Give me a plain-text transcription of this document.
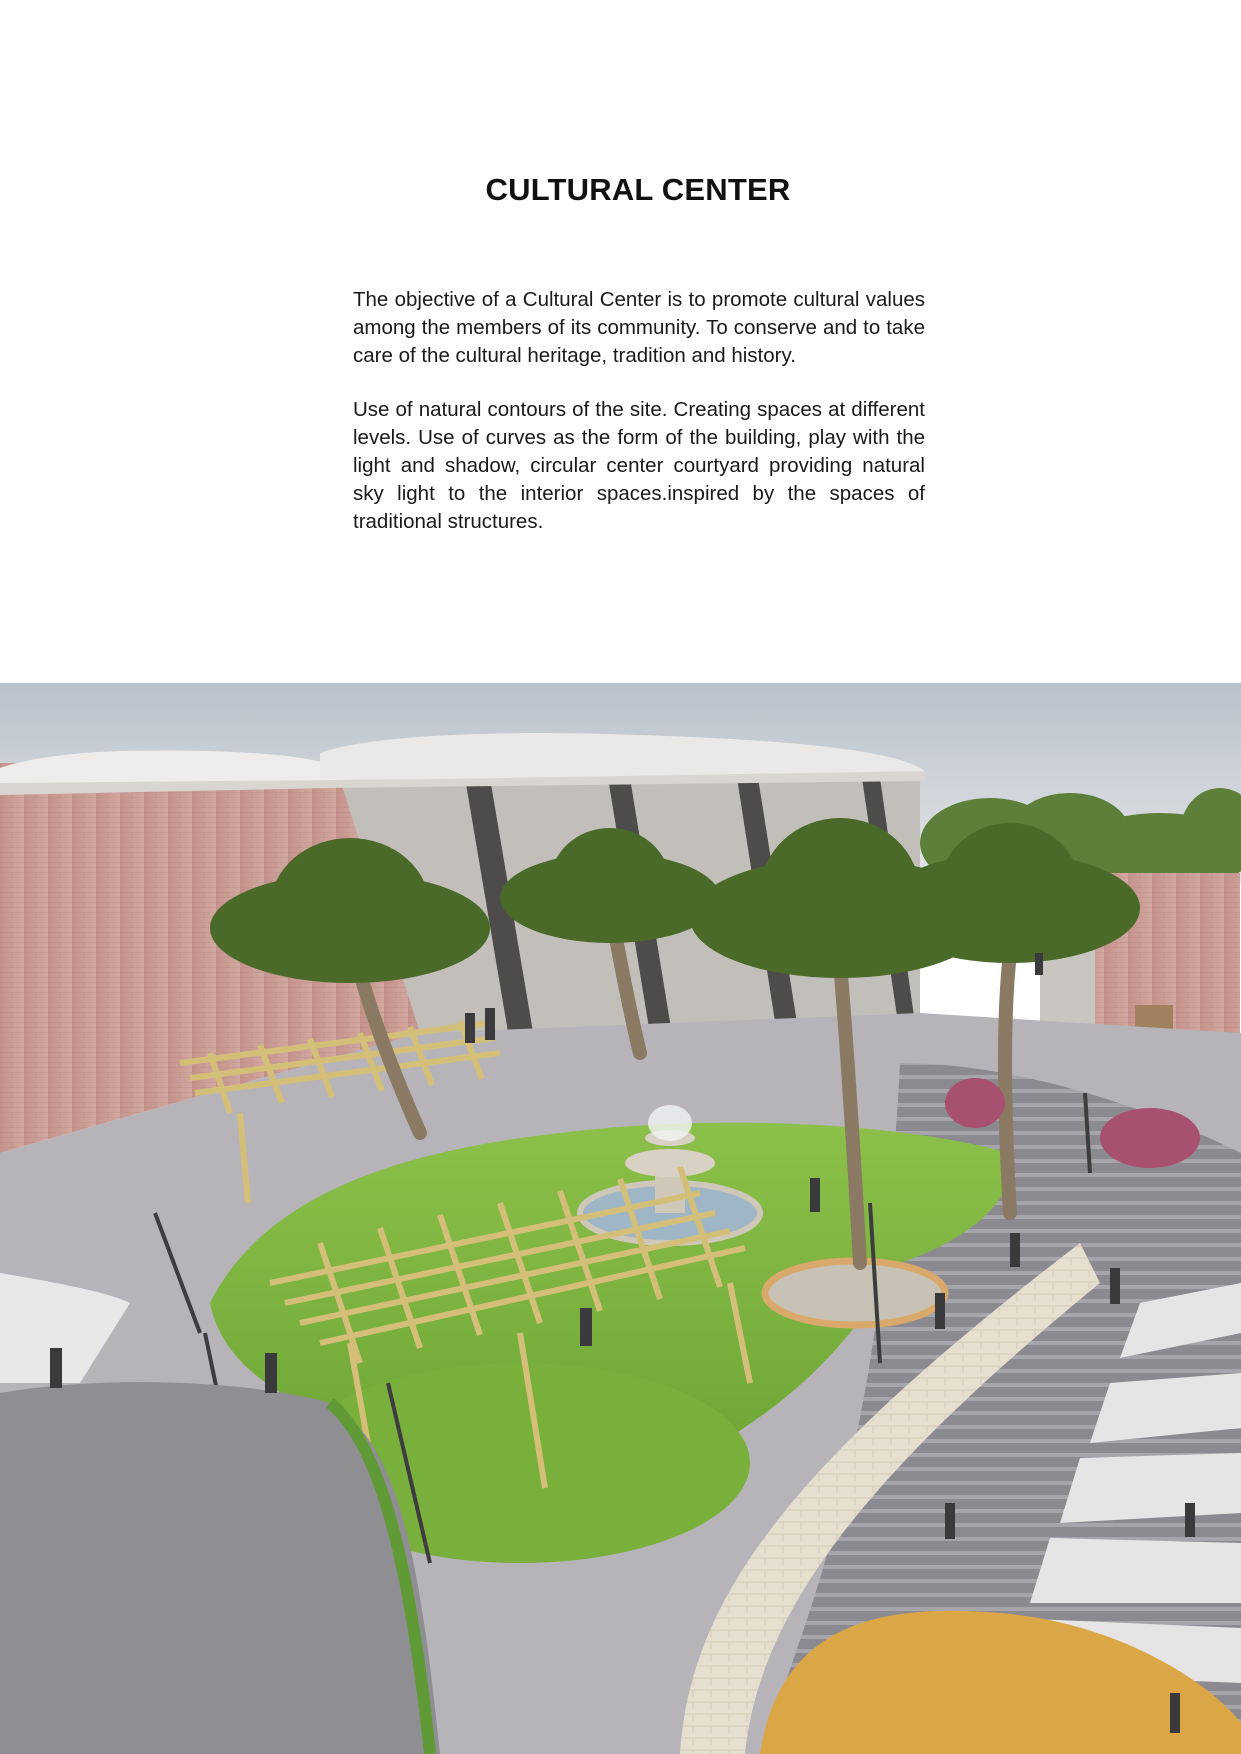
CULTURAL CENTER

The objective of a Cultural Center is to promote cultural values among the members of its community. To conserve and to take care of the cultural heritage, tradition and history.

Use of natural contours of the site. Creating spaces at different levels. Use of curves as the form of the building, play with the light and shadow, circular center courtyard providing natural sky light to the interior spaces.inspired by the spaces of traditional structures.
